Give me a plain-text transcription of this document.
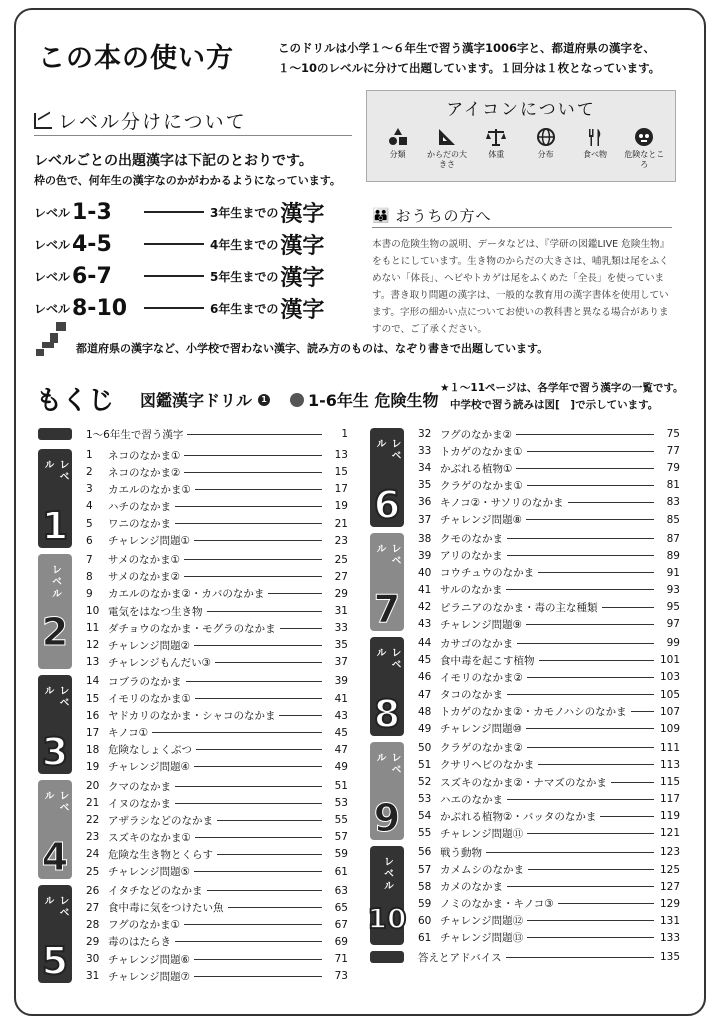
この本の使い方	このドリルは小学１～６年生で習う漢字1006字と、都道府県の漢字を、
１～10のレベルに分けて出題しています。１回分は１枚となっています。
レベル分けについて
レベルごとの出題漢字は下記のとおりです。
枠の色で、何年生の漢字なのかがわかるようになっています。
レベル 1-3	3年生までの 漢字
レベル 4-5	4年生までの 漢字
レベル 6-7	5年生までの 漢字
レベル 8-10	6年生までの 漢字
都道府県の漢字など、小学校で習わない漢字、読み方のものは、なぞり書きで出題しています。
アイコンについて
分類	からだの大きさ
体重	分布	食べ物	危険なところ
👪 おうちの方へ
本書の危険生物の説明、データなどは、『学研の図鑑LIVE 危険生物』をもとにしています。生き物のからだの大きさは、哺乳類は尾をふくめない「体長」、ヘビやトカゲは尾をふくめた「全長」を使っています。書き取り問題の漢字は、一般的な教育用の漢字書体を使用しています。字形の細かい点についてお使いの教科書と異なる場合がありますので、ご了承ください。
もくじ 図鑑漢字ドリル	1	1-6年生 危険生物
★１～11ページは、各学年で習う漢字の一覧です。
中学校で習う読みは図[　]で示しています。
1～6年生で習う漢字	1
レベル
1
1	ネコのなかま①	13
2	ネコのなかま②	15
3	カエルのなかま①	17
4	ハチのなかま	19
5	ワニのなかま	21
6	チャレンジ問題①	23
レベル
2
7	サメのなかま①	25
8	サメのなかま②	27
9	カエルのなかま②・カバのなかま	29
10 電気をはなつ生き物	31
11 ダチョウのなかま・モグラのなかま	33
12 チャレンジ問題②	35
13 チャレンジもんだい③	37
レベル
3
14 コブラのなかま	39
15 イモリのなかま①	41
16 ヤドカリのなかま・シャコのなかま	43
17 キノコ①	45
18 危険なしょくぶつ	47
19 チャレンジ問題④	49
レベル
4
20 クマのなかま	51
21 イヌのなかま	53
22 アザラシなどのなかま	55
23 スズキのなかま①	57
24 危険な生き物とくらす	59
25 チャレンジ問題⑤	61
レベル
5
26 イタチなどのなかま	63
27 食中毒に気をつけたい魚	65
28 フグのなかま①	67
29 毒のはたらき	69
30 チャレンジ問題⑥	71
31 チャレンジ問題⑦	73
レベル
6
32 フグのなかま②	75
33 トカゲのなかま①	77
34 かぶれる植物①	79
35 クラゲのなかま①	81
36 キノコ②・サソリのなかま	83
37 チャレンジ問題⑧	85
レベル
7
38 クモのなかま	87
39 アリのなかま	89
40 コウチュウのなかま	91
41 サルのなかま	93
42 ピラニアのなかま・毒の主な種類	95
43 チャレンジ問題⑨	97
レベル
8
44 カサゴのなかま	99
45 食中毒を起こす植物	101
46 イモリのなかま②	103
47 タコのなかま	105
48 トカゲのなかま②・カモノハシのなかま	107
49 チャレンジ問題⑩	109
レベル
9
50 クラゲのなかま②	111
51 クサリヘビのなかま	113
52 スズキのなかま②・ナマズのなかま	115
53 ハエのなかま	117
54 かぶれる植物②・バッタのなかま	119
55 チャレンジ問題⑪	121
レベル
10
56 戦う動物	123
57 カメムシのなかま	125
58 カメのなかま	127
59 ノミのなかま・キノコ③	129
60 チャレンジ問題⑫	131
61 チャレンジ問題⑬	133
答えとアドバイス	135
